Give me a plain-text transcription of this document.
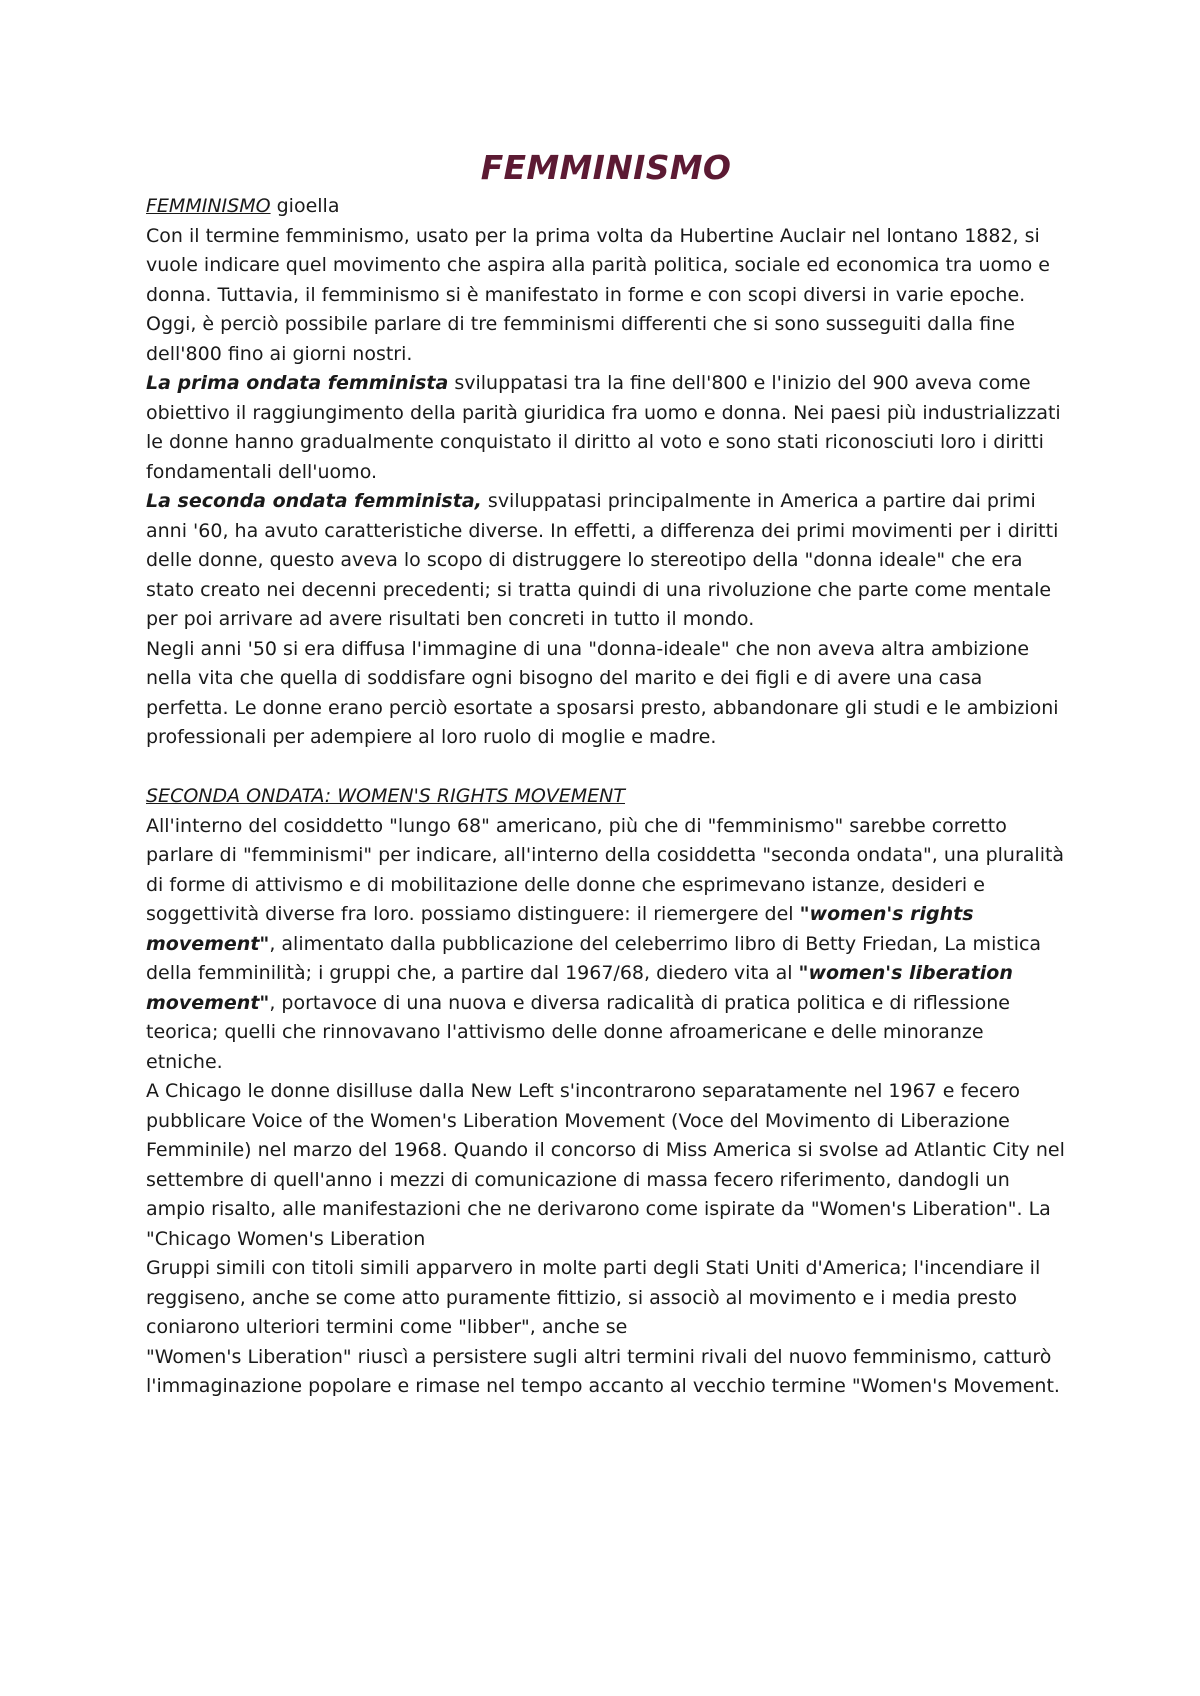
FEMMINISMO

FEMMINISMO gioella

Con il termine femminismo, usato per la prima volta da Hubertine Auclair nel lontano 1882, si vuole indicare quel movimento che aspira alla parità politica, sociale ed economica tra uomo e donna. Tuttavia, il femminismo si è manifestato in forme e con scopi diversi in varie epoche. Oggi, è perciò possibile parlare di tre femminismi differenti che si sono susseguiti dalla fine dell'800 fino ai giorni nostri.

La prima ondata femminista sviluppatasi tra la fine dell'800 e l'inizio del 900 aveva come obiettivo il raggiungimento della parità giuridica fra uomo e donna. Nei paesi più industrializzati le donne hanno gradualmente conquistato il diritto al voto e sono stati riconosciuti loro i diritti fondamentali dell'uomo.

La seconda ondata femminista, sviluppatasi principalmente in America a partire dai primi anni '60, ha avuto caratteristiche diverse. In effetti, a differenza dei primi movimenti per i diritti delle donne, questo aveva lo scopo di distruggere lo stereotipo della "donna ideale" che era stato creato nei decenni precedenti; si tratta quindi di una rivoluzione che parte come mentale per poi arrivare ad avere risultati ben concreti in tutto il mondo.

Negli anni '50 si era diffusa l'immagine di una "donna-ideale" che non aveva altra ambizione nella vita che quella di soddisfare ogni bisogno del marito e dei figli e di avere una casa perfetta. Le donne erano perciò esortate a sposarsi presto, abbandonare gli studi e le ambizioni professionali per adempiere al loro ruolo di moglie e madre.

SECONDA ONDATA: WOMEN'S RIGHTS MOVEMENT

All'interno del cosiddetto "lungo 68" americano, più che di "femminismo" sarebbe corretto parlare di "femminismi" per indicare, all'interno della cosiddetta "seconda ondata", una pluralità di forme di attivismo e di mobilitazione delle donne che esprimevano istanze, desideri e soggettività diverse fra loro. possiamo distinguere: il riemergere del "women's rights movement", alimentato dalla pubblicazione del celeberrimo libro di Betty Friedan, La mistica della femminilità; i gruppi che, a partire dal 1967/68, diedero vita al "women's liberation movement", portavoce di una nuova e diversa radicalità di pratica politica e di riflessione teorica; quelli che rinnovavano l'attivismo delle donne afroamericane e delle minoranze etniche.

A Chicago le donne disilluse dalla New Left s'incontrarono separatamente nel 1967 e fecero pubblicare Voice of the Women's Liberation Movement (Voce del Movimento di Liberazione Femminile) nel marzo del 1968. Quando il concorso di Miss America si svolse ad Atlantic City nel settembre di quell'anno i mezzi di comunicazione di massa fecero riferimento, dandogli un ampio risalto, alle manifestazioni che ne derivarono come ispirate da "Women's Liberation". La "Chicago Women's Liberation

Gruppi simili con titoli simili apparvero in molte parti degli Stati Uniti d'America; l'incendiare il reggiseno, anche se come atto puramente fittizio, si associò al movimento e i media presto coniarono ulteriori termini come "libber", anche se

"Women's Liberation" riuscì a persistere sugli altri termini rivali del nuovo femminismo, catturò l'immaginazione popolare e rimase nel tempo accanto al vecchio termine "Women's Movement.
